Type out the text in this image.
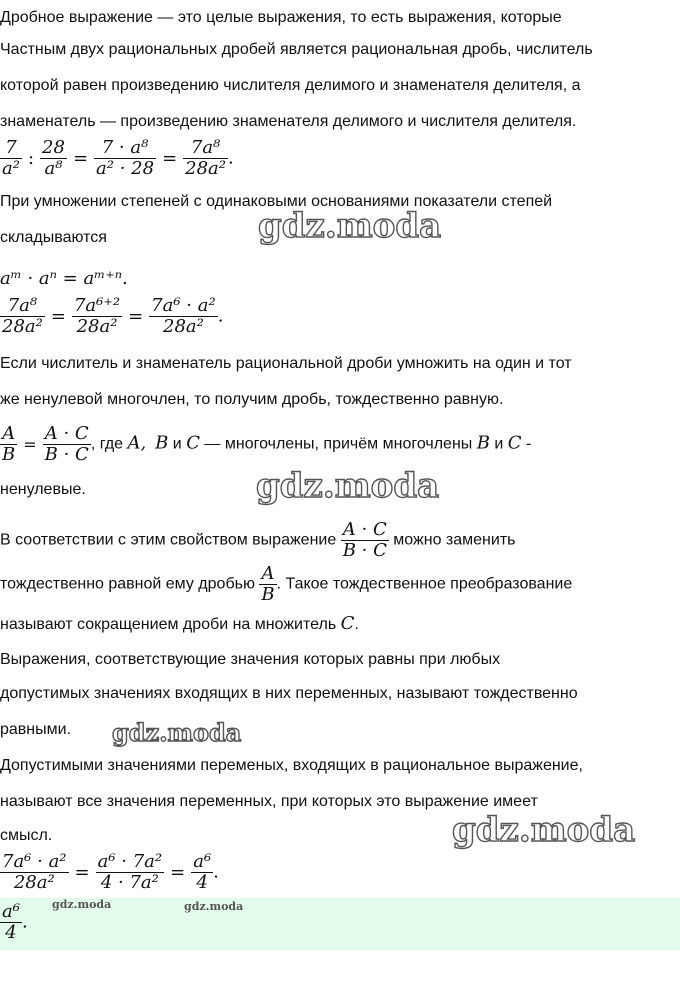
Дробное выражение — это целые выражения, то есть выражения, которые
Частным двух рациональных дробей является рациональная дробь, числитель
которой равен произведению числителя делимого и знаменателя делителя, а
знаменатель — произведению знаменателя делимого и числителя делителя.
$\frac{7}{\text{a²}}$ : $\frac{28}{\text{a⁸}} = \frac{\text{7 · a⁸}}{\text{a² · 28}} = \frac{\text{7a⁸}}{\text{28a²}}$ .
При умножении степеней с одинаковыми основаниями показатели степей
складываются	gdz.moda
aᵐ · aⁿ = aᵐ⁺ⁿ.
$\frac{\text{7a⁸}}{\text{28a²}} = \frac{\text{7a⁶⁺²}}{\text{28a²}} = \frac{\text{7a⁶ · a²}}{\text{28a²}}$ .
Если числитель и знаменатель рациональной дроби умножить на один и тот
же ненулевой многочлен, то получим дробь, тождественно равную.
$\frac{A}{B} = \frac{A \cdot C}{B \cdot C}$ , где A, B и C — многочлены, причём многочлены B и C -
ненулевые.	gdz.moda
В соответствии с этим свойством выражение $\frac{A \cdot C}{B \cdot C}$ можно заменить
тождественно равной ему дробью $\frac{A}{B}$ . Такое тождественное преобразование
называют сокращением дроби на множитель C.
Выражения, соответствующие значения которых равны при любых
допустимых значениях входящих в них переменных, называют тождественно
равными.	gdz.moda
Допустимыми значениями переменых, входящих в рациональное выражение,
называют все значения переменных, при которых это выражение имеет
смысл.	gdz.moda
$\frac{\text{7a⁶ · a²}}{\text{28a²}} = \frac{\text{a⁶ · 7a²}}{\text{4 · 7a²}} = \frac{\text{a⁶}}{4}$ .
$\frac{\text{a⁶}}{4}$ .
gdz.moda	gdz.moda
